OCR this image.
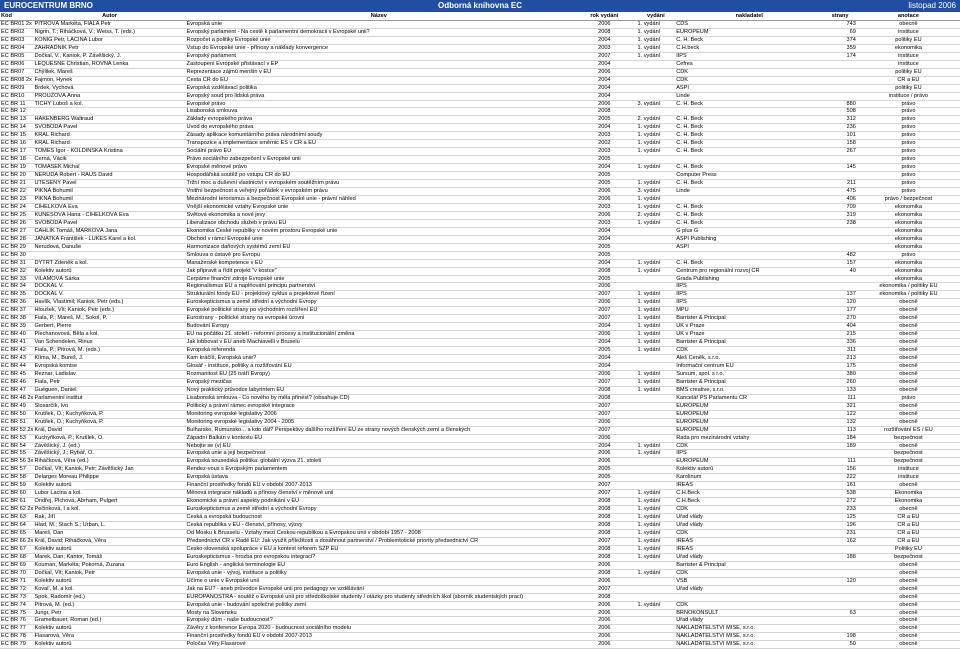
EUROCENTRUM BRNO	Odborná knihovna EC	listopad 2006
Kód	Autor	Název	rok vydání	vydání	nakladatel	strany	anotace
EC BR01 2x	PITROVÁ Markéta, FIALA Petr	Evropská unie	2006	1. vydání	CDS	743	obecně
EC BR02	Nigrin, T.; Řiháčková, V.; Weiss, T. (eds.)	Evropský parlament - Na cestě k parlamentní demokracii v Evropské unii?	2008	1. vydání	EUROPEUM	69	instituce
EC BR03	KÖNIG Petr, LACINA Lubor	Rozpočet a politiky Evropské unie	2004	1. vydání	C. H. Beck	374	politiky EU
EC BR04	ZAHRADNÍK Petr	Vstup do Evropské unie - přínosy a náklady konvergence	2003	1. vydání	C.H.beck	359	ekonomika
EC BR05	Dočkal, V., Kaniok, P. Závěšický, J.	Evropský parlament	2007	1. vydání	IIPS	174	instituce
EC BR06	LEQUESNE Christian, ROVNÁ Lenka	Zastoupení Evropské přistávací v EP	2004		Cefres		instituce
EC BR07	Chýlilek, Mareš	Reprezentace zájmů menšin v EU	2006		CDK		politiky EU
EC BR08 2x	Fajmon, Hynek	Cesta ČR do EU	2004		CDK		ČR a EU
EC BR09	Brdek, Vychová	Evropská vzdělávací politika	2004		ASPI		politiky EU
EC BR10	PROUZOVÁ Anna	Evropský soud pro lidská práva	2004		Linde		instituce / právo
EC BR 11	TICHÝ Luboš a kol.	Evropské právo	2006	3. vydání	C. H. Beck	880	právo
EC BR 12		Lisabonská smlouva	2008			508	právo
EC BR 13	HAKENBERG Waltraud	Základy evropského práva	2005	2. vydání	C. H. Beck	312	právo
EC BR 14	SVOBODA Pavel	Úvod do evropského práva	2004	1. vydání	C. H. Beck	236	právo
EC BR 15	KRÁL Richard	Zásady aplikace komunitárního práva národními soudy	2003	1. vydání	C. H. Beck	101	právo
EC BR 16	KRÁL Richard	Transpozice a implementace směrnic ES v ČR a EU	2002	1. vydání	C. H. Beck	158	právo
EC BR 17	TOMEŠ Igor - KOLDINSKÁ Kristina	Sociální právo EU	2003	1. vydání	C. H. Beck	267	právo
EC BR 18	Černá, Vácik	Právo sociálního zabezpečení v Evropské unii	2005				právo
EC BR 19	TOMÁŠEK Michal	Evropské měnové právo	2004	1. vydání	C. H. Beck	145	právo
EC BR 20	NERUDA Robert - RAUS David	Hospodářská soutěž po vstupu ČR do EU	2005		Computer Press		právo
EC BR 21	ÚTĚŠENÝ Pavel	Tržní moc a duševní vlastnictví v evropském soutěžním právu	2005	1. vydání	C. H. Beck	211	právo
EC BR 22	PIKNA Bohumil	Vnitřní bezpečnost a veřejný pořádek v evropském právu	2006	3. vydání	Linde	475	právo
EC BR 23	PIKNA Bohumil	Mezinárodní terorismus a bezpečnost Evropské unie - právní náhled	2006	1. vydání		406	právo / bezpečnost
EC BR 24	CIHELKOVÁ Eva	Vnější ekonomické vztahy Evropské unie	2003	1. vydání	C. H. Beck	709	ekonomika
EC BR 25	KUNEŠOVÁ Hana - CIHELKOVÁ Eva	Světová ekonomika a nové jevy	2006	2. vydání	C. H. Beck	319	ekonomika
EC BR 26	SVOBODA Pavel	Liberalizace obchodu služeb v právu EU	2003	1. vydání	C. H. Beck	238	ekonomika
EC BR 27	CAHLÍK Tomáš, MARKOVÁ Jana	Ekonomika České republiky v novém prostoru Evropské unie	2004		G plus G		ekonomika
EC BR 28	JANATKA František - LUKEŠ Karel a kol.	Obchod v rámci Evropské unie	2004		ASPI Publishing		ekonomika
EC BR 29	Nerudová, Danuše	Harmonizace daňových systémů zemí EU	2005		ASPI		ekonomika
EC BR 30		Smlouva o ústavě pro Evropu	2005			482	právo
EC BR 31	DYTRT Zdeněk a kol.	Manažerské kompetence v EU	2004	1. vydání	C. H. Beck	157	ekonomika
EC BR 32	Kolektiv autorů	Jak připravit a řídit projekt "v kostce"	2008	1. vydání	Centrum pro regionální rozvoj ČR	40	ekonomika
EC BR 33	VILAMOVÁ Šárka	Čerpáme finanční zdroje Evropské unie	2005		Grada Publishing		ekonomika
EC BR 34	DOČKAL V.	Regionalismus EU a naplňování principu partnerství	2006		IIPS		ekonomika / politiky EU
EC BR 35	DOČKAL V.	Strukturální fondy EU - projektový cyklus a projektové řízení	2007	1. vydání	IIPS	137	ekonomika / politiky EU
EC BR 36	Havlík, Vlastimil; Kaniok, Petr (eds.)	Euroskepticismus a země střední a východní Evropy	2006	1. vydání	IIPS	120	obecně
EC BR 37	Hloušek, Vít; Kaniok, Petr (eds.)	Evropské politické strany po východním rozšíření EU	2007	1. vydání	MPÚ	177	obecně
EC BR 38	Fiala, P.; Mareš, M.; Sokol, P.	Eurostrany - politické strany na evropské úrovni	2007	1. vydání	Barrister & Principal	270	obecně
EC BR 39	Gerbert, Pierre	Budování Evropy	2004	1. vydání	UK v Praze	404	obecně
EC BR 40	Plechanovová, Běla a kol.	EU na počátku 21. století - reformní procesy a institucionální změna	2006	1. vydání	UK v Praze	215	obecně
EC BR 41	Van Schendelen, Rinus	Jak lobbovat v EU aneb Machiavelli v Bruselu	2004	1. vydání	Barrister & Principal	336	obecně
EC BR 42	Fiala, P.; Pitrová, M. (eds.)	Evropská referenda	2005	1. vydání	CDK	311	obecně
EC BR 43	Klíma, M., Bureš, J.	Kam kráčíš, Evropská unie?	2004		Aleš Čeněk, s.r.o.	213	obecně
EC BR 44	Evropská komise	Glosář - instituce, politiky a rozšiřování EU	2004		Informační centrum EU	175	obecně
EC BR 45	Řeznar, Ladislav	Rozmanitost EU (25 tváří Evropy)	2006	1. vydání	Sursum, spol. s r.o.	380	obecně
EC BR 46	Fiala, Petr	Evropský mezičas	2007	1. vydání	Barrister & Principal	260	obecně
EC BR 47	Guéguen, Daniel	Nový praktický průvodce labyrintem EU	2008	1. vydání	BMS creative, s.r.o.	133	obecně
EC BR 48 2x	Parlamentní institut	Lisabonská smlouva - Co nového by měla přinést? (obsahuje CD)	2008		Kancelář PS Parlamentu ČR	111	právo
EC BR 49	Šlosarčík, Ivo	Politický a právní rámec evropské integrace	2007		EUROPEUM	321	obecně
EC BR 50	Krutílek, O.; Kuchyňková, P.	Monitoring evropské legislativy 2006	2007		EUROPEUM	122	obecně
EC BR 51	Krutílek, O.; Kuchyňková, P.	Monitoring evropské legislativy 2004 - 2005	2006		EUROPEUM	132	obecně
EC BR 52 2x	Král, David	Bulharsko, Rumunsko... a kdo dál? Perspektivy dalšího rozšíření EU ze strany nových členských zemí a členských	2007		EUROPEUM	113	rozšiřování ES / EU
EC BR 53	Kuchyňková, P.; Krutílek, O.	Západní Balkán v kontextu EU	2006		Rada pro mezinárodní vztahy	184	bezpečnost
EC BR 54	Závěšický, J. (ed.)	Nebojte se (v) EU	2004	1. vydání	CDK	189	obecně
EC BR 55	Závěšický, J.; Rybář, O.	Evropská unie a její bezpečnost	2006	1. vydání	IIPS		bezpečnost
EC BR 56 3x	Řiháčková, Věra (ed.)	Evropská sousedská politika: globální výzva 21. století	2006		EUROPEUM	111	bezpečnost
EC BR 57	Dočkal, Vít; Kaniok, Petr; Závěšický Jan	Rendez-vous s Evropským parlamentem	2005		Kolektiv autorů	156	instituce
EC BR 58	Delarges Moreau Philippe	Evropská ústava	2005		Karolinum	222	instituce
EC BR 59	Kolektiv autorů	Finanční prostředky fondů EU v období 2007-2013	2007		IREAS	161	obecně
EC BR 60	Lubor Lacina a kol.	Měnová integrace nákladů a přínosy členství v měnové unii	2007	1. vydání	C.H.Beck	538	Ekonomika
EC BR 61	Ondřej, Plchová, Abrham, Pulgert	Ekonomické a právní aspekty podnikání v EU	2008	1. vydání	C.H.Beck	272	Ekonomika
EC BR 62 2x	Pečinková, I a kol.	Euroskepticismus a země střední a východní Evropy	2008	1. vydání	CDK	233	obecně
EC BR 63	Rak, Jiří	Česká a evropská budoucnost	2008	1. vydání	Úřad vlády	125	ČR a EU
EC BR 64	Hlad, M.; Stach S.; Urban, L.	Česká republika v EU - členství, přínosy, výzvy	2008	1. vydání	Úřad vlády	196	ČR a EU
EC BR 65	Mareš, Dan	Od Mosku k Brusselu - Vztahy mezi Českou republikou a Evropskou unií v období 1957 - 2008	2008	1. vydání	CDK	231	ČR a EU
EC BR 66 2x	Král, David; Řiháčková, Věra	Předsednictví ČR v Radě EU: Jak využít příležitosti a dosáhnout partnerství / Problemtotické priority předsednictví ČR	2007	1. vydání	IREAS	162	ČR a EU
EC BR 67	Kolektiv autorů	Česko-slovenská spolupráce v EU a kontext reforem SZP EU	2008	1. vydání	IREAS		Politiky EU
EC BR 68	Marek, Dan; Kantor, Tomáš	Euroskepticismus - hrozba pro evropskou integraci?	2008	1. vydání	Úřad vlády	188	bezpečnost
EC BR 69	Kouman, Markéta; Pokorná, Zuzana	Euro English - anglická terminologie EU	2006		Barrister & Principal		obecně
EC BR 70	Dočkal, Vít; Kaniok, Petr	Evropská unie - vývoj, instituce a politiky	2008	1. vydání	CDK		obecně
EC BR 71	Kolektiv autorů	Učíme o unie v Evropské unii	2006		VŠB	120	obecně
EC BR 72	Koval', M. a kol.	Jak na EU? - aneb průvodce Evropské unii pro pedagogy ve vzdělávání	2007		Úřad vlády		obecně
EC BR 73	Špok, Radomír (ed.)	EUROPANOSTRA - soutěž o Evropské unii pro středoškolské studenty / otázky pro studenty středních škol (sborník studentských prací)	2008				obecně
EC BR 74	Pitrová, M. (ed.)	Evropská unie - budování společné politiky zemí	2006	1. vydání	CDK		obecně
EC BR 75	Jungr, Petr	Mosty na Slovensku	2006		BRNOKONSULT	63	obecně
EC BR 76	Grametbauer, Roman (ed.)	Evropský dům - naše budoucnost?	2006		Úřad vlády		obecně
EC BR 77	Kolektiv autorů	Závěry z konference Evropa 2020 - budoucnost sociálního modelu	2006		NAKLADATELSTVÍ MISE, s.r.o.		obecně
EC BR 78	Flasarová, Věra	Finanční prostředky fondů EU v období 2007-2013	2006		NAKLADATELSTVÍ MISE, s.r.o.	198	obecně
EC BR 79	Kolektiv autorů	Poločas Věry Flasarové	2006		NAKLADATELSTVÍ MISE, s.r.o.	50	obecně
